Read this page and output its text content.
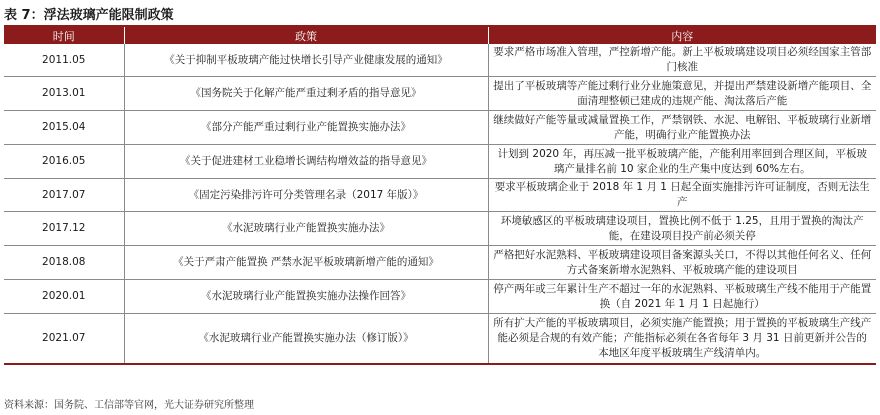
表 7：浮法玻璃产能限制政策
时间	政策	内容
2011.05	《关于抑制平板玻璃产能过快增长引导产业健康发展的通知》	要求严格市场准入管理，严控新增产能。新上平板玻璃建设项目必须经国家主管部门核准
2013.01	《国务院关于化解产能严重过剩矛盾的指导意见》	提出了平板玻璃等产能过剩行业分业施策意见，并提出严禁建设新增产能项目、全面清理整顿已建成的违规产能、淘汰落后产能
2015.04	《部分产能严重过剩行业产能置换实施办法》	继续做好产能等量或减量置换工作，严禁钢铁、水泥、电解铝、平板玻璃行业新增产能，明确行业产能置换办法
2016.05	《关于促进建材工业稳增长调结构增效益的指导意见》	计划到 2020 年，再压减一批平板玻璃产能，产能利用率回到合理区间，平板玻璃产量排名前 10 家企业的生产集中度达到 60%左右。
2017.07	《固定污染排污许可分类管理名录（2017 年版）》	要求平板玻璃企业于 2018 年 1 月 1 日起全面实施排污许可证制度，否则无法生产
2017.12	《水泥玻璃行业产能置换实施办法》	环境敏感区的平板玻璃建设项目，置换比例不低于 1.25，且用于置换的淘汰产能，在建设项目投产前必须关停
2018.08	《关于严肃产能置换 严禁水泥平板玻璃新增产能的通知》	严格把好水泥熟料、平板玻璃建设项目备案源头关口，不得以其他任何名义、任何方式备案新增水泥熟料、平板玻璃产能的建设项目
2020.01	《水泥玻璃行业产能置换实施办法操作回答》	停产两年或三年累计生产不超过一年的水泥熟料、平板玻璃生产线不能用于产能置换（自 2021 年 1 月 1 日起施行）
2021.07	《水泥玻璃行业产能置换实施办法（修订版）》	所有扩大产能的平板玻璃项目，必须实施产能置换；用于置换的平板玻璃生产线产能必须是合规的有效产能；产能指标必须在各省每年 3 月 31 日前更新并公告的本地区年度平板玻璃生产线清单内。
资料来源：国务院、工信部等官网，光大证券研究所整理
